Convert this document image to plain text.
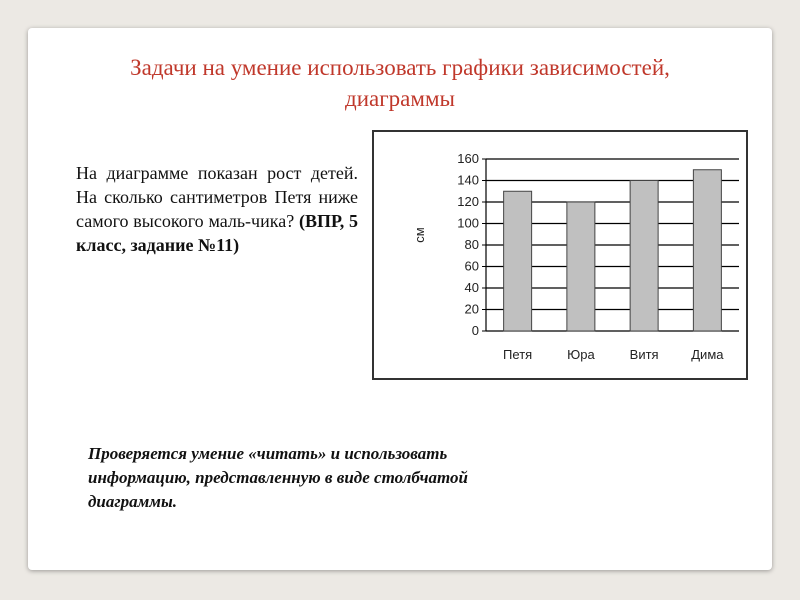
Задачи на умение использовать графики зависимостей,
диаграммы
На диаграмме показан рост детей. На сколько сантиметров Петя ниже самого высокого маль-чика? (ВПР, 5 класс, задание №11)
0
20
40
60
80
100
120
140
160
см
Петя	Юра	Витя	Дима
Проверяется умение «читать» и использовать
информацию, представленную в виде столбчатой
диаграммы.
